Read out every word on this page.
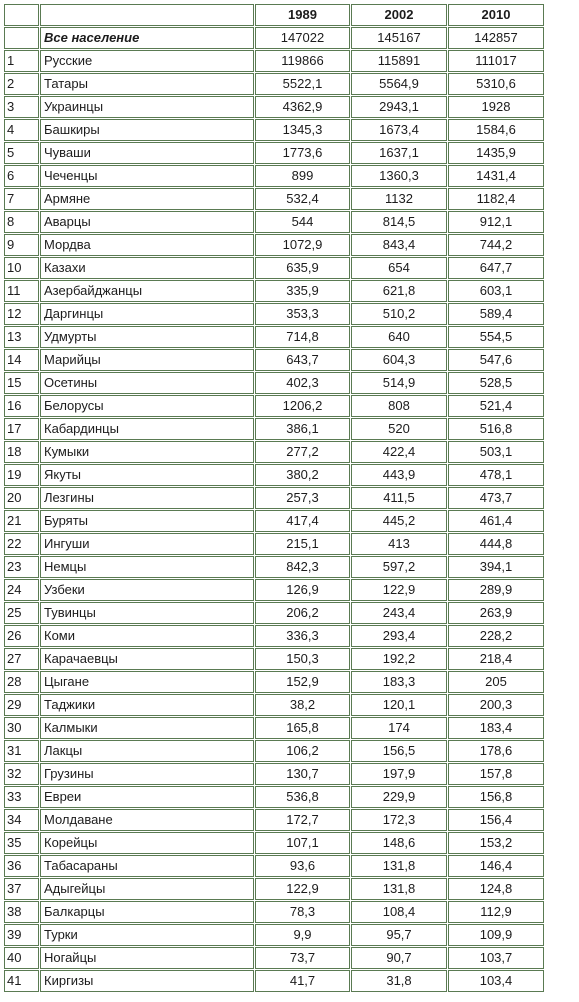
		1989	2002	2010
	Все население	147022	145167	142857
1	Русские	119866	115891	111017
2	Татары	5522,1	5564,9	5310,6
3	Украинцы	4362,9	2943,1	1928
4	Башкиры	1345,3	1673,4	1584,6
5	Чуваши	1773,6	1637,1	1435,9
6	Чеченцы	899	1360,3	1431,4
7	Армяне	532,4	1132	1182,4
8	Аварцы	544	814,5	912,1
9	Мордва	1072,9	843,4	744,2
10	Казахи	635,9	654	647,7
11	Азербайджанцы	335,9	621,8	603,1
12	Даргинцы	353,3	510,2	589,4
13	Удмурты	714,8	640	554,5
14	Марийцы	643,7	604,3	547,6
15	Осетины	402,3	514,9	528,5
16	Белорусы	1206,2	808	521,4
17	Кабардинцы	386,1	520	516,8
18	Кумыки	277,2	422,4	503,1
19	Якуты	380,2	443,9	478,1
20	Лезгины	257,3	411,5	473,7
21	Буряты	417,4	445,2	461,4
22	Ингуши	215,1	413	444,8
23	Немцы	842,3	597,2	394,1
24	Узбеки	126,9	122,9	289,9
25	Тувинцы	206,2	243,4	263,9
26	Коми	336,3	293,4	228,2
27	Карачаевцы	150,3	192,2	218,4
28	Цыгане	152,9	183,3	205
29	Таджики	38,2	120,1	200,3
30	Калмыки	165,8	174	183,4
31	Лакцы	106,2	156,5	178,6
32	Грузины	130,7	197,9	157,8
33	Евреи	536,8	229,9	156,8
34	Молдаване	172,7	172,3	156,4
35	Корейцы	107,1	148,6	153,2
36	Табасараны	93,6	131,8	146,4
37	Адыгейцы	122,9	131,8	124,8
38	Балкарцы	78,3	108,4	112,9
39	Турки	9,9	95,7	109,9
40	Ногайцы	73,7	90,7	103,7
41	Киргизы	41,7	31,8	103,4
